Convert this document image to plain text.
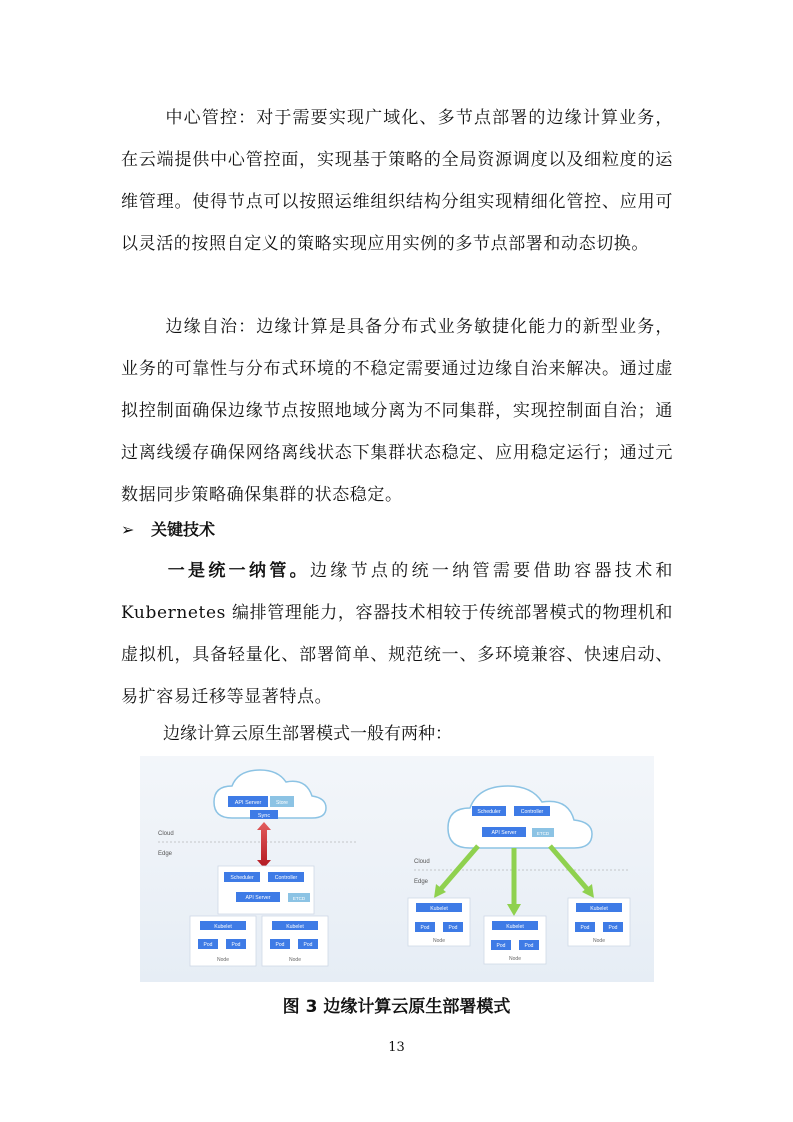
中心管控：对于需要实现广域化、多节点部署的边缘计算业务，在云端提供中心管控面，实现基于策略的全局资源调度以及细粒度的运维管理。使得节点可以按照运维组织结构分组实现精细化管控、应用可以灵活的按照自定义的策略实现应用实例的多节点部署和动态切换。

边缘自治：边缘计算是具备分布式业务敏捷化能力的新型业务，业务的可靠性与分布式环境的不稳定需要通过边缘自治来解决。通过虚拟控制面确保边缘节点按照地域分离为不同集群，实现控制面自治；通过离线缓存确保网络离线状态下集群状态稳定、应用稳定运行；通过元数据同步策略确保集群的状态稳定。

➢ 关键技术

一是统一纳管。边缘节点的统一纳管需要借助容器技术和 Kubernetes 编排管理能力，容器技术相较于传统部署模式的物理机和虚拟机，具备轻量化、部署简单、规范统一、多环境兼容、快速启动、易扩容易迁移等显著特点。

边缘计算云原生部署模式一般有两种：
API Server	Store
Sync
Cloud
Edge
Scheduler	Controller
API Server	ETCD
Kubelet
Pod	Pod
Node
Kubelet
Pod	Pod
Node
Scheduler	Controller
API Server	ETCD
Cloud
Edge
Kubelet
Pod	Pod
Node
Kubelet
Pod	Pod
Node
Kubelet
Pod	Pod
Node
图 3 边缘计算云原生部署模式
13
